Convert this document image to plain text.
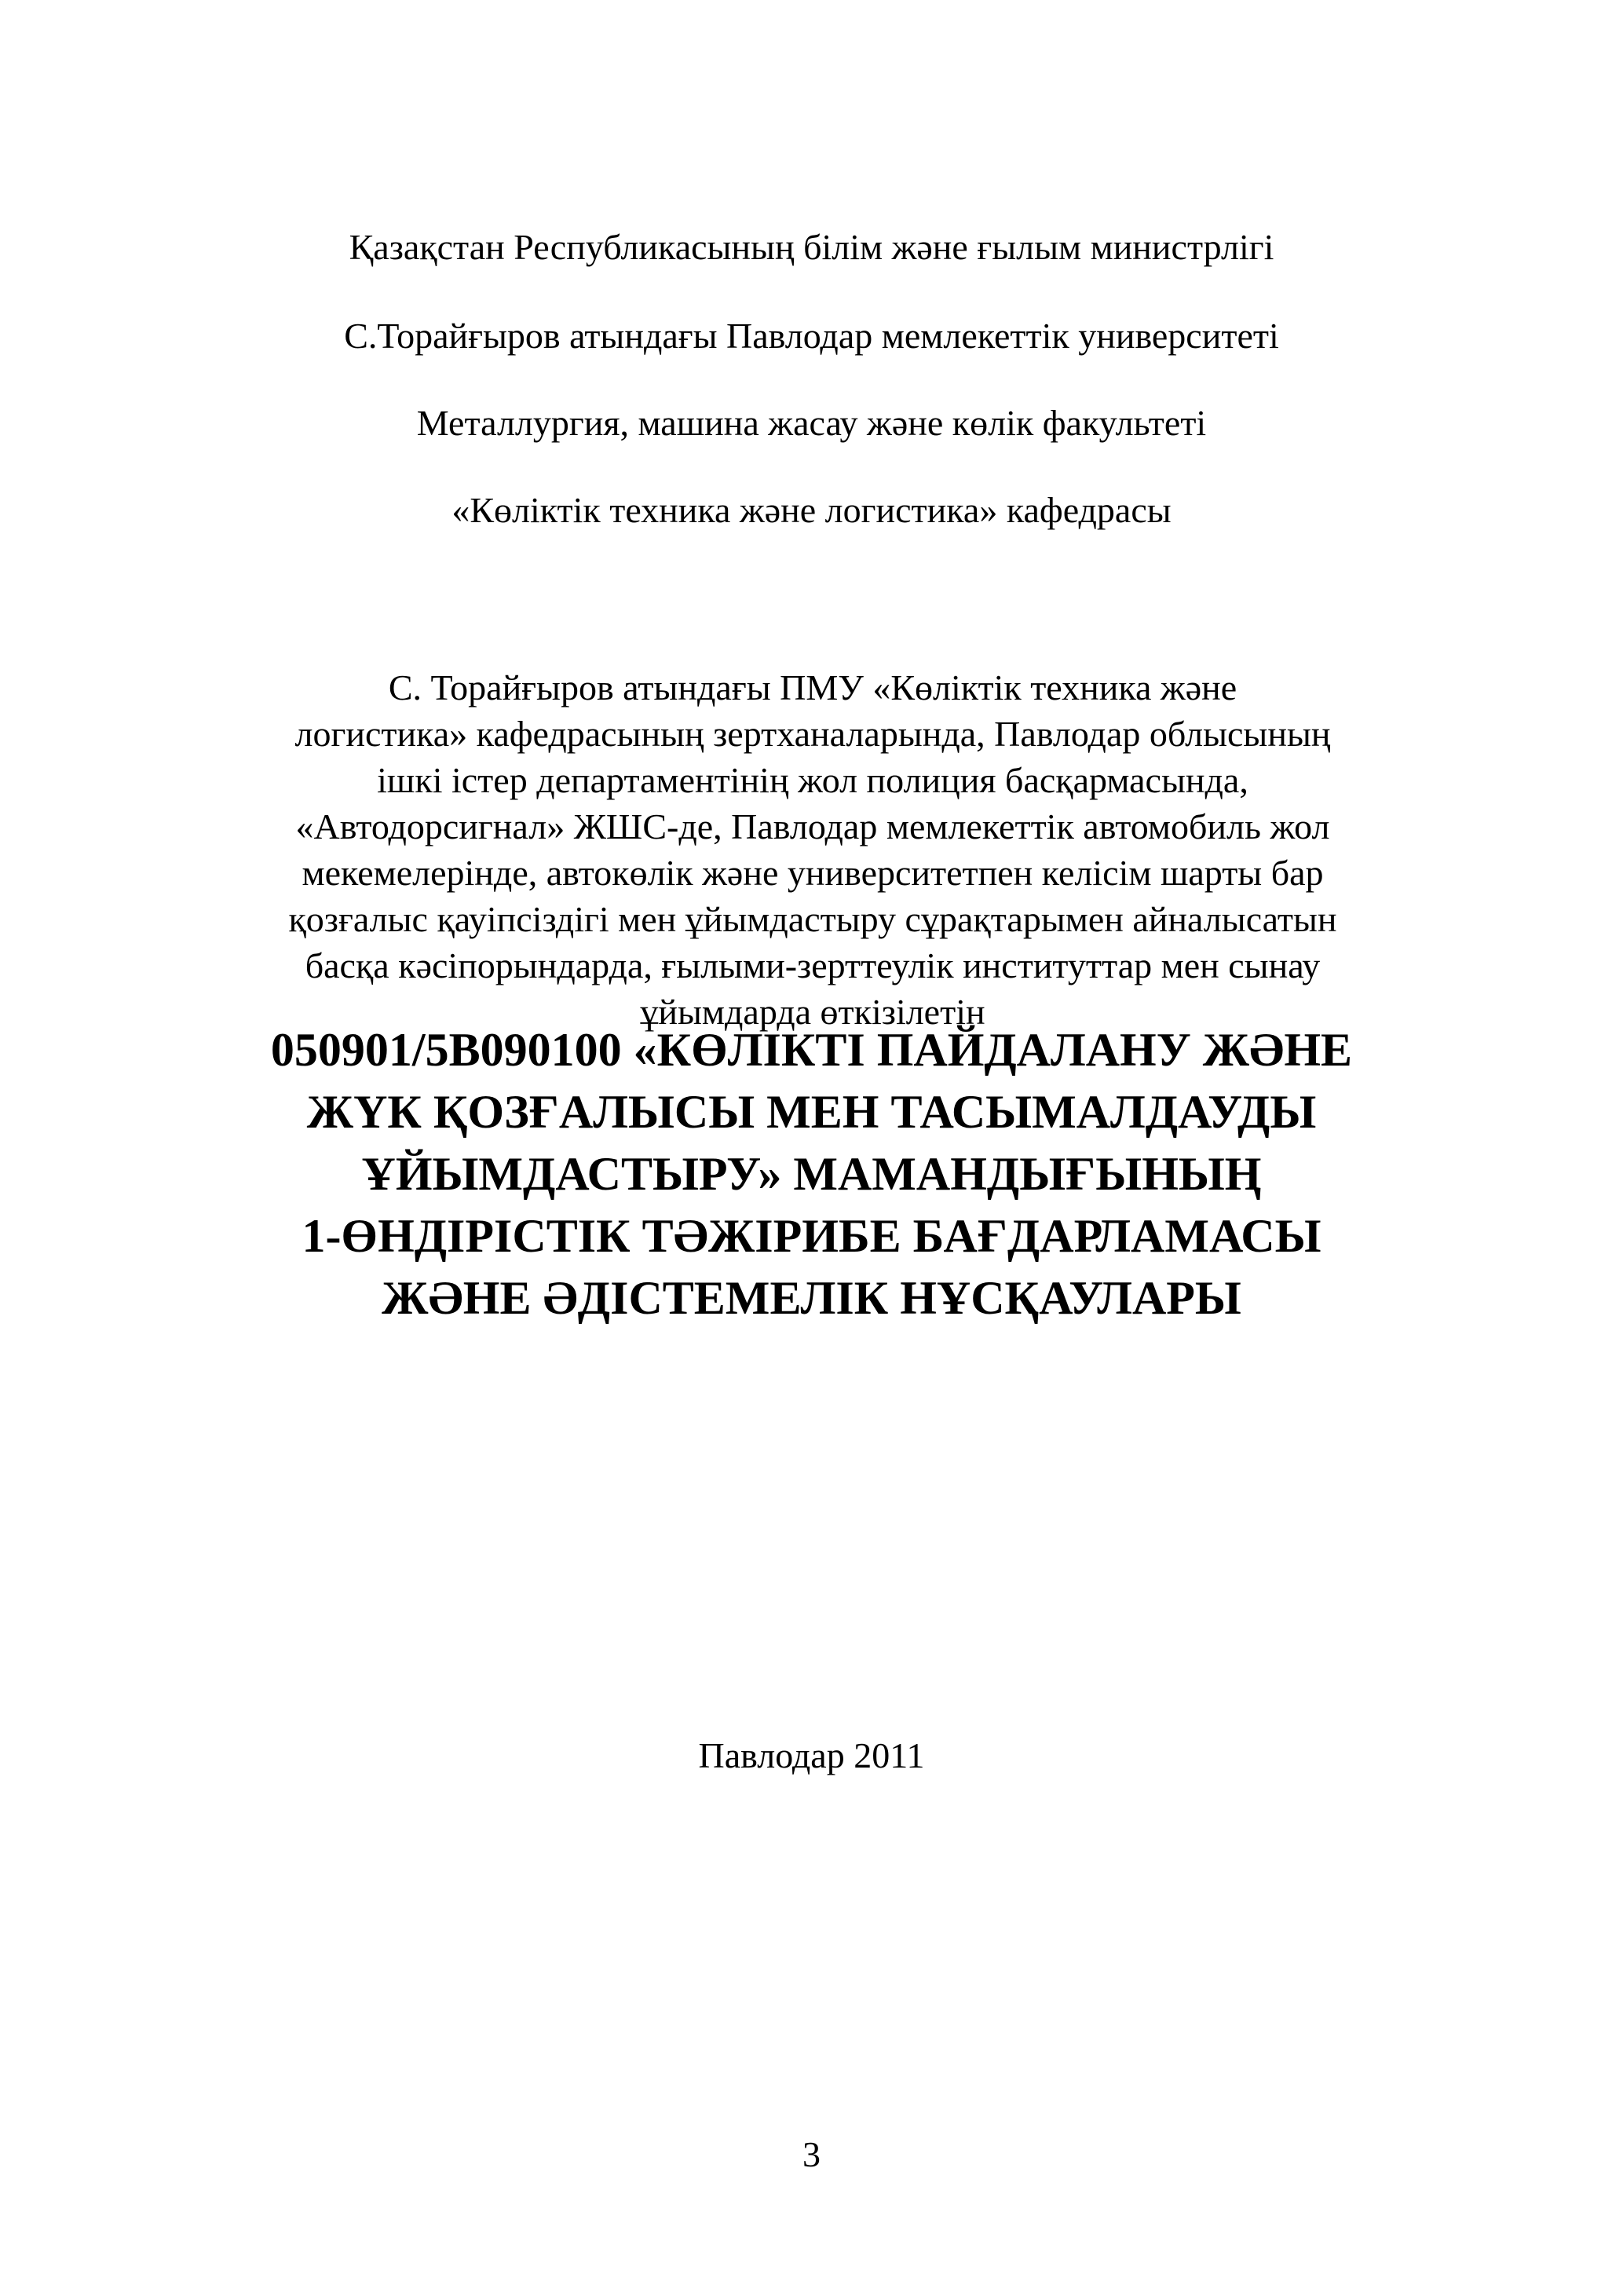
Қазақстан Республикасының білім және ғылым министрлігі
С.Торайғыров атындағы Павлодар мемлекеттік университеті
Металлургия, машина жасау және көлік факультеті
«Көліктік техника және логистика» кафедрасы
С. Торайғыров атындағы ПМУ «Көліктік техника және
логистика» кафедрасының зертханаларында, Павлодар облысының
ішкі істер департаментінің жол полиция басқармасында,
«Автодорсигнал» ЖШС-де, Павлодар мемлекеттік автомобиль жол
мекемелерінде, автокөлік және университетпен келісім шарты бар
қозғалыс қауіпсіздігі мен ұйымдастыру сұрақтарымен айналысатын
басқа кәсіпорындарда, ғылыми-зерттеулік институттар мен сынау
ұйымдарда өткізілетін
050901/5В090100 «КӨЛІКТІ ПАЙДАЛАНУ ЖӘНЕ
ЖҮК ҚОЗҒАЛЫСЫ МЕН ТАСЫМАЛДАУДЫ
ҰЙЫМДАСТЫРУ» МАМАНДЫҒЫНЫҢ
1-ӨНДІРІСТІК ТӘЖІРИБЕ БАҒДАРЛАМАСЫ
ЖӘНЕ ӘДІСТЕМЕЛІК НҰСҚАУЛАРЫ
Павлодар 2011
3
